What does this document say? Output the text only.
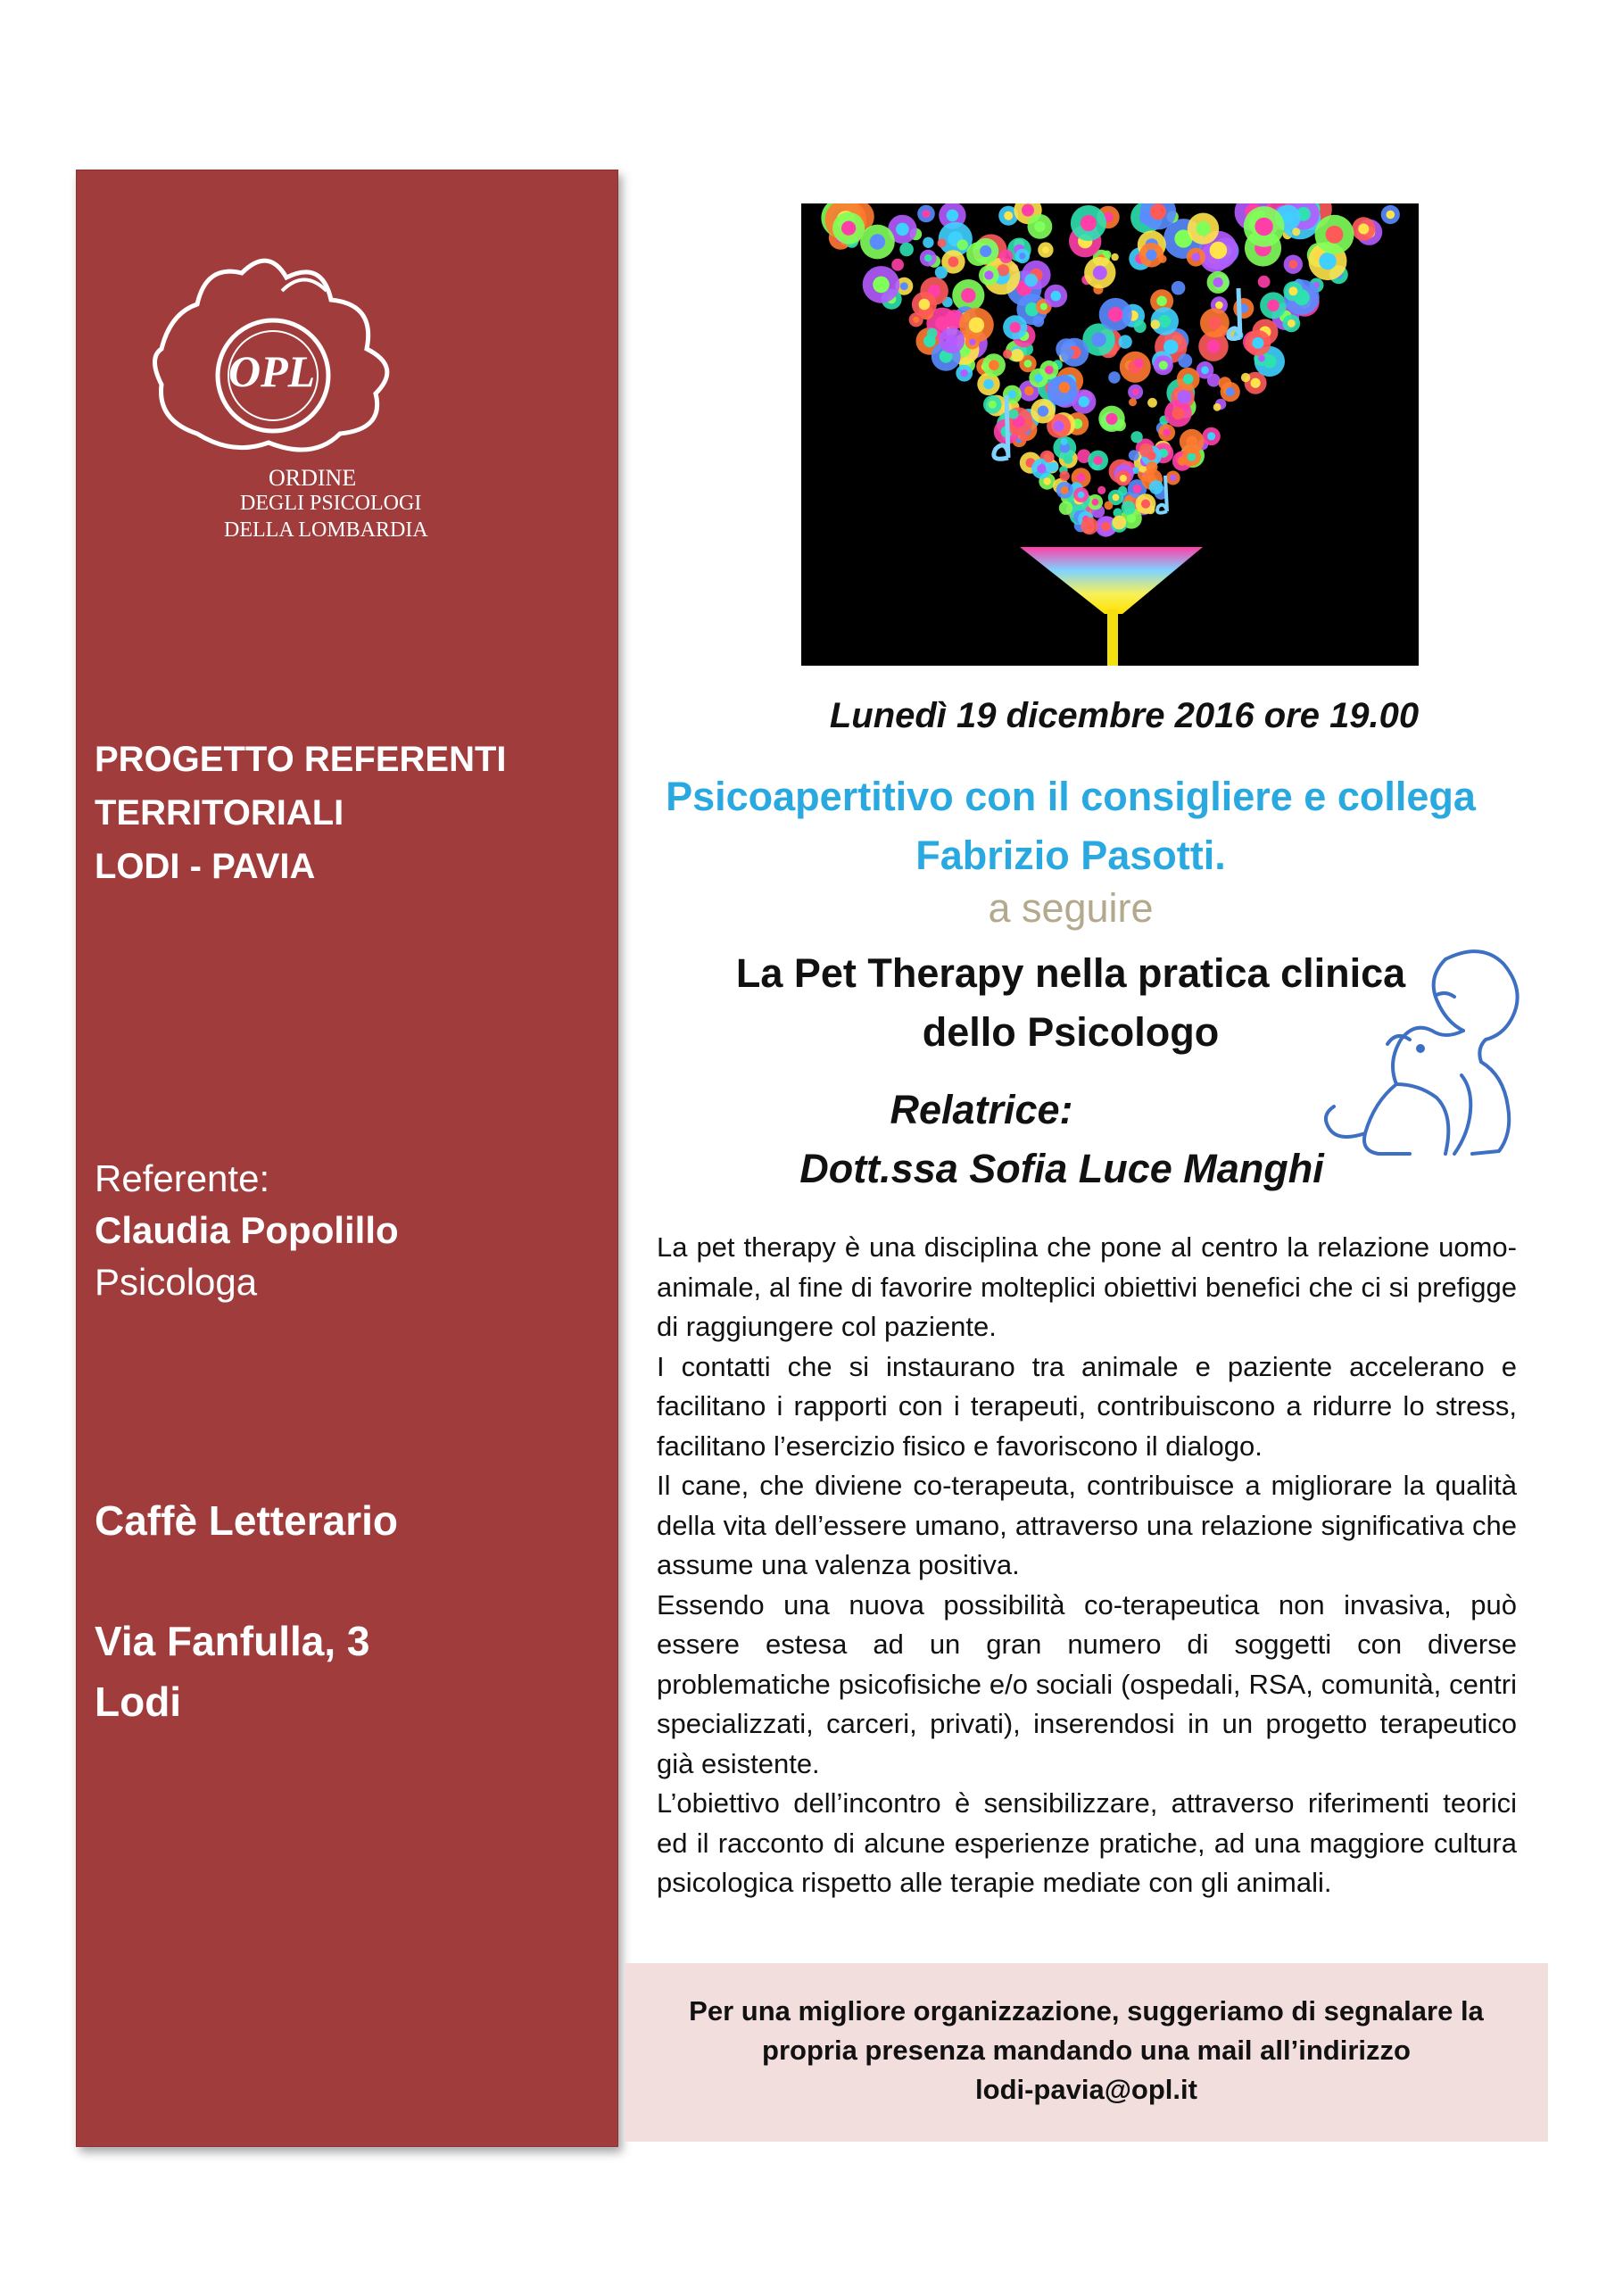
OPL
ORDINE
DEGLI PSICOLOGI
DELLA LOMBARDIA
PROGETTO REFERENTI
TERRITORIALI
LODI - PAVIA
Referente:
Claudia Popolillo
Psicologa
Caffè Letterario
Via Fanfulla, 3
Lodi
Lunedì 19 dicembre 2016 ore 19.00
Psicoapertitivo con il consigliere e collega
Fabrizio Pasotti.
a seguire
La Pet Therapy nella pratica clinica
dello Psicologo
Relatrice:
Dott.ssa Sofia Luce Manghi

La pet therapy è una disciplina che pone al centro la relazione uomo-animale, al fine di favorire molteplici obiettivi benefici che ci si prefigge di raggiungere col paziente.

I contatti che si instaurano tra animale e paziente accelerano e facilitano i rapporti con i terapeuti, contribuiscono a ridurre lo stress, facilitano l’esercizio fisico e favoriscono il dialogo.

Il cane, che diviene co-terapeuta, contribuisce a migliorare la qualità della vita dell’essere umano, attraverso una relazione significativa che assume una valenza positiva.

Essendo una nuova possibilità co-terapeutica non invasiva, può essere estesa ad un gran numero di soggetti con diverse problematiche psicofisiche e/o sociali (ospedali, RSA, comunità, centri specializzati, carceri, privati), inserendosi in un progetto terapeutico già esistente.

L’obiettivo dell’incontro è sensibilizzare, attraverso riferimenti teorici ed il racconto di alcune esperienze pratiche, ad una maggiore cultura psicologica rispetto alle terapie mediate con gli animali.

Per una migliore organizzazione, suggeriamo di segnalare la

propria presenza mandando una mail all’indirizzo

lodi-pavia@opl.it
